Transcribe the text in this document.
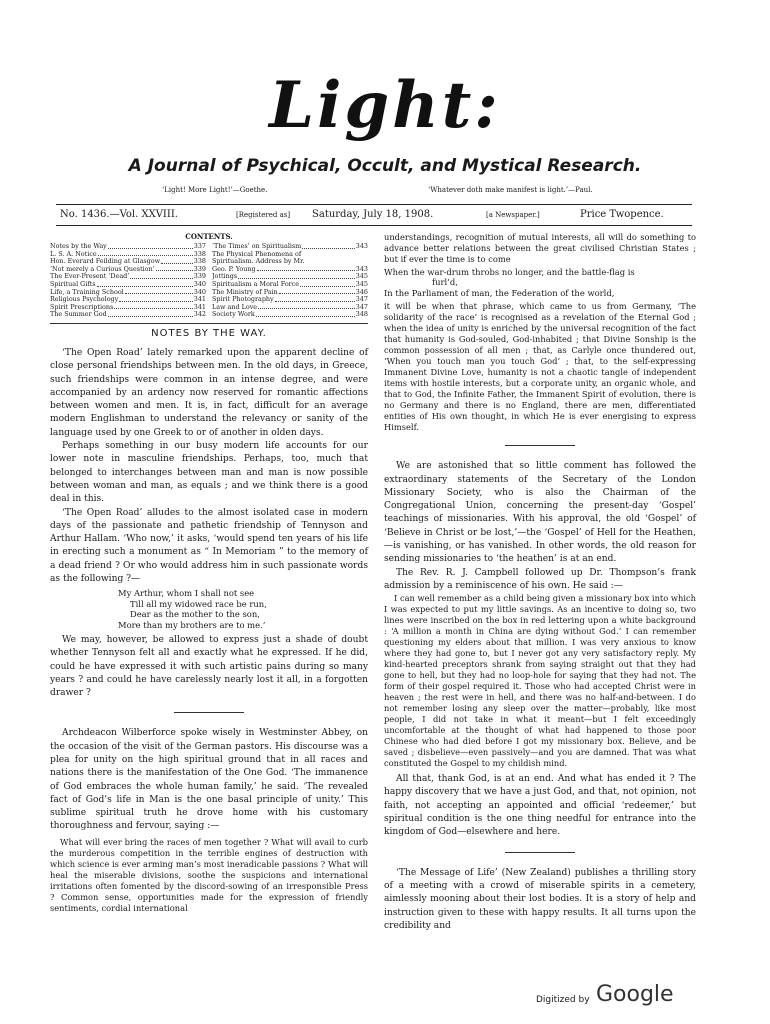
Light:
A Journal of Psychical, Occult, and Mystical Research.
‘Light! More Light!’—Goethe.	‘Whatever doth make manifest is light.’—Paul.
No. 1436.—Vol. XXVIII.	[Registered as] Saturday, July 18, 1908.	[a Newspaper.]	Price Twopence.
CONTENTS.
Notes by the Way	337
L. S. A. Notice	338
Hon. Everard Feilding at Glasgow	338
‘Not merely a Curious Question’	339
The Ever-Present ‘Dead’	339
Spiritual Gifts	340
Life, a Training School	340
Religious Psychology	341
Spirit Prescriptions	341
The Summer God	342
‘The Times’ on Spiritualism	343
The Physical Phenomena of
Spiritualism. Address by Mr.
Geo. P. Young	343
Jottings	345
Spiritualism a Moral Force	345
The Ministry of Pain	346
Spirit Photography	347
Law and Love	347
Society Work	348
NOTES BY THE WAY.

‘The Open Road’ lately remarked upon the apparent decline of close personal friendships between men. In the old days, in Greece, such friendships were common in an intense degree, and were accompanied by an ardency now reserved for romantic affections between women and men. It is, in fact, difficult for an average modern Englishman to understand the relevancy or sanity of the language used by one Greek to or of another in olden days.

Perhaps something in our busy modern life accounts for our lower note in masculine friendships. Perhaps, too, much that belonged to interchanges between man and man is now possible between woman and man, as equals ; and we think there is a good deal in this.

‘The Open Road’ alludes to the almost isolated case in modern days of the passionate and pathetic friendship of Tennyson and Arthur Hallam. ‘Who now,’ it asks, ‘would spend ten years of his life in erecting such a monument as “ In Memoriam ” to the memory of a dead friend ? Or who would address him in such passionate words as the following ?—

My Arthur, whom I shall not see
Till all my widowed race be run,
Dear as the mother to the son,
More than my brothers are to me.’

We may, however, be allowed to express just a shade of doubt whether Tennyson felt all and exactly what he expressed. If he did, could he have expressed it with such artistic pains during so many years ? and could he have carelessly nearly lost it all, in a forgotten drawer ?

Archdeacon Wilberforce spoke wisely in Westminster Abbey, on the occasion of the visit of the German pastors. His discourse was a plea for unity on the high spiritual ground that in all races and nations there is the manifestation of the One God. ‘The immanence of God embraces the whole human family,’ he said. ‘The revealed fact of God’s life in Man is the one basal principle of unity.’ This sublime spiritual truth he drove home with his customary thoroughness and fervour, saying :—

What will ever bring the races of men together ? What will avail to curb the murderous competition in the terrible engines of destruction with which science is ever arming man’s most ineradicable passions ? What will heal the miserable divisions, soothe the suspicions and international irritations often fomented by the discord-sowing of an irresponsible Press ? Common sense, opportunities made for the expression of friendly sentiments, cordial international

understandings, recognition of mutual interests, all will do something to advance better relations between the great civilised Christian States ; but if ever the time is to come

When the war-drum throbs no longer, and the battle-flag is
furl’d,
In the Parliament of man, the Federation of the world,

it will be when that phrase, which came to us from Germany, ‘The solidarity of the race’ is recognised as a revelation of the Eternal God ; when the idea of unity is enriched by the universal recognition of the fact that humanity is God-souled, God-inhabited ; that Divine Sonship is the common possession of all men ; that, as Carlyle once thundered out, ‘When you touch man you touch God’ ; that, to the self-expressing Immanent Divine Love, humanity is not a chaotic tangle of independent items with hostile interests, but a corporate unity, an organic whole, and that to God, the Infinite Father, the Immanent Spirit of evolution, there is no Germany and there is no England, there are men, differentiated entities of His own thought, in which He is ever energising to express Himself.

We are astonished that so little comment has followed the extraordinary statements of the Secretary of the London Missionary Society, who is also the Chairman of the Congregational Union, concerning the present-day ‘Gospel’ teachings of missionaries. With his approval, the old ‘Gospel’ of ‘Believe in Christ or be lost,’—the ‘Gospel’ of Hell for the Heathen,—is vanishing, or has vanished. In other words, the old reason for sending missionaries to ‘the heathen’ is at an end.

The Rev. R. J. Campbell followed up Dr. Thompson’s frank admission by a reminiscence of his own. He said :—

I can well remember as a child being given a missionary box into which I was expected to put my little savings. As an incentive to doing so, two lines were inscribed on the box in red lettering upon a white background : ‘A million a month in China are dying without God.’ I can remember questioning my elders about that million. I was very anxious to know where they had gone to, but I never got any very satisfactory reply. My kind-hearted preceptors shrank from saying straight out that they had gone to hell, but they had no loop-hole for saying that they had not. The form of their gospel required it. Those who had accepted Christ were in heaven ; the rest were in hell, and there was no half-and-between. I do not remember losing any sleep over the matter—probably, like most people, I did not take in what it meant—but I felt exceedingly uncomfortable at the thought of what had happened to those poor Chinese who had died before I got my missionary box. Believe, and be saved ; disbelieve—even passively—and you are damned. That was what constituted the Gospel to my childish mind.

All that, thank God, is at an end. And what has ended it ? The happy discovery that we have a just God, and that, not opinion, not faith, not accepting an appointed and official ‘redeemer,’ but spiritual condition is the one thing needful for entrance into the kingdom of God—elsewhere and here.

‘The Message of Life’ (New Zealand) publishes a thrilling story of a meeting with a crowd of miserable spirits in a cemetery, aimlessly mooning about their lost bodies. It is a story of help and instruction given to these with happy results. It all turns upon the credibility and

Digitized by Google
